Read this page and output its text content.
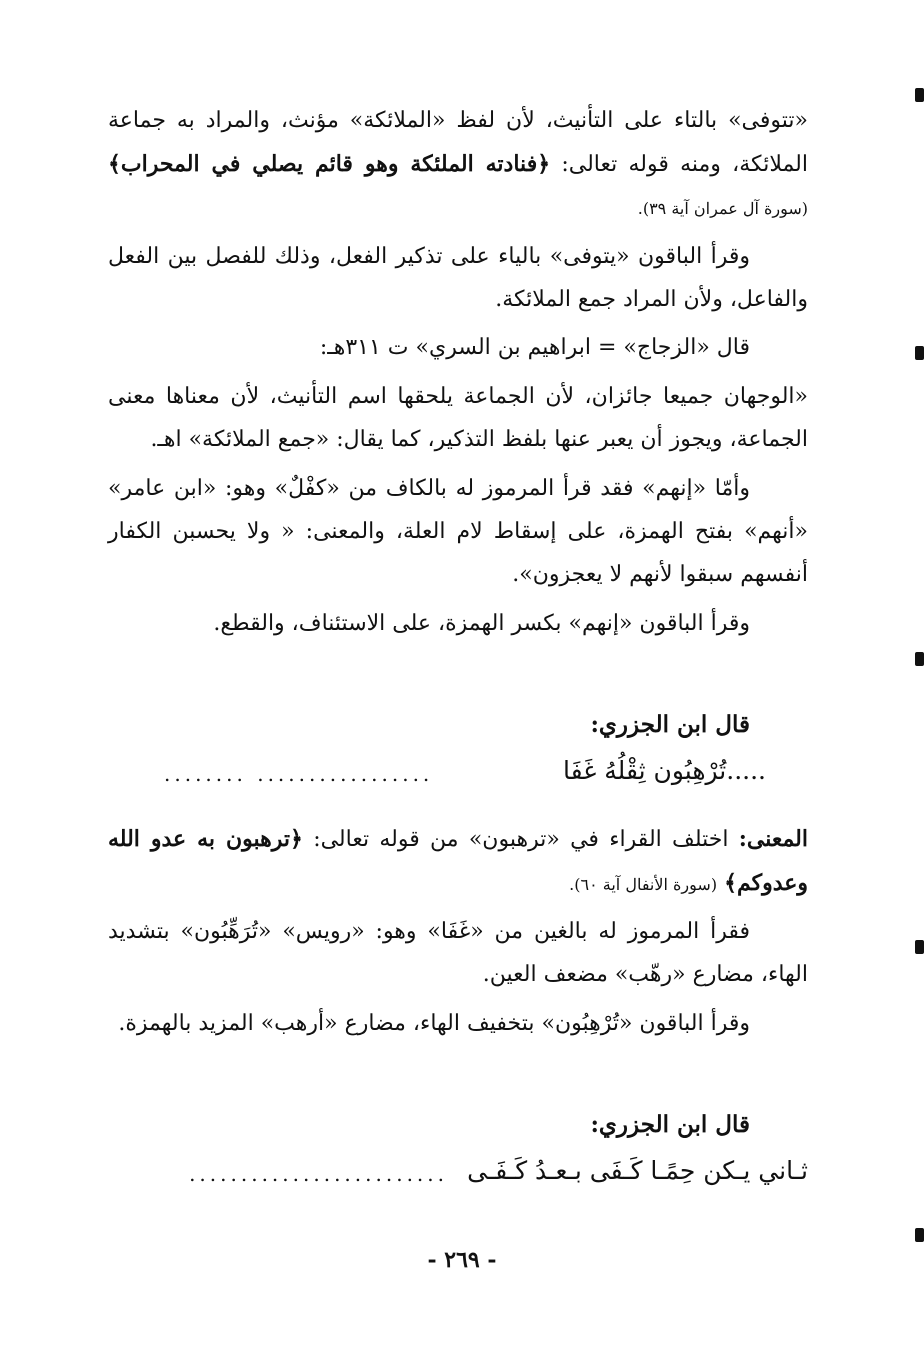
«تتوفى» بالتاء على التأنيث، لأن لفظ «الملائكة» مؤنث، والمراد به جماعة الملائكة، ومنه قوله تعالى: ﴿فنادته الملئكة وهو قائم يصلي في المحراب﴾ (سورة آل عمران آية ٣٩).

وقرأ الباقون «يتوفى» بالياء على تذكير الفعل، وذلك للفصل بين الفعل والفاعل، ولأن المراد جمع الملائكة.

قال «الزجاج» = ابراهيم بن السري» ت ٣١١هـ:

«الوجهان جميعا جائزان، لأن الجماعة يلحقها اسم التأنيث، لأن معناها معنى الجماعة، ويجوز أن يعبر عنها بلفظ التذكير، كما يقال: «جمع الملائكة» اهـ.

وأمّا «إنهم» فقد قرأ المرموز له بالكاف من «كفْلٌ» وهو: «ابن عامر» «أنهم» بفتح الهمزة، على إسقاط لام العلة، والمعنى: « ولا يحسبن الكفار أنفسهم سبقوا لأنهم لا يعجزون».

وقرأ الباقون «إنهم» بكسر الهمزة، على الاستئناف، والقطع.

قال ابن الجزري:

.....تُرْهِبُون ثِقْلُهُ غَفَا
................. ........

المعنى: اختلف القراء في «ترهبون» من قوله تعالى: ﴿ترهبون به عدو الله وعدوكم﴾ (سورة الأنفال آية ٦٠).

فقرأ المرموز له بالغين من «غَفَا» وهو: «رويس» «تُرَهِّبُون» بتشديد الهاء، مضارع «رهّب» مضعف العين.

وقرأ الباقون «تُرْهِبُون» بتخفيف الهاء، مضارع «أرهب» المزيد بالهمزة.

قال ابن الجزري:

ثـاني يـكن حِمًـا كَـفَى بـعـدُ كَـفَـى
.........................
- ٢٦٩ -
